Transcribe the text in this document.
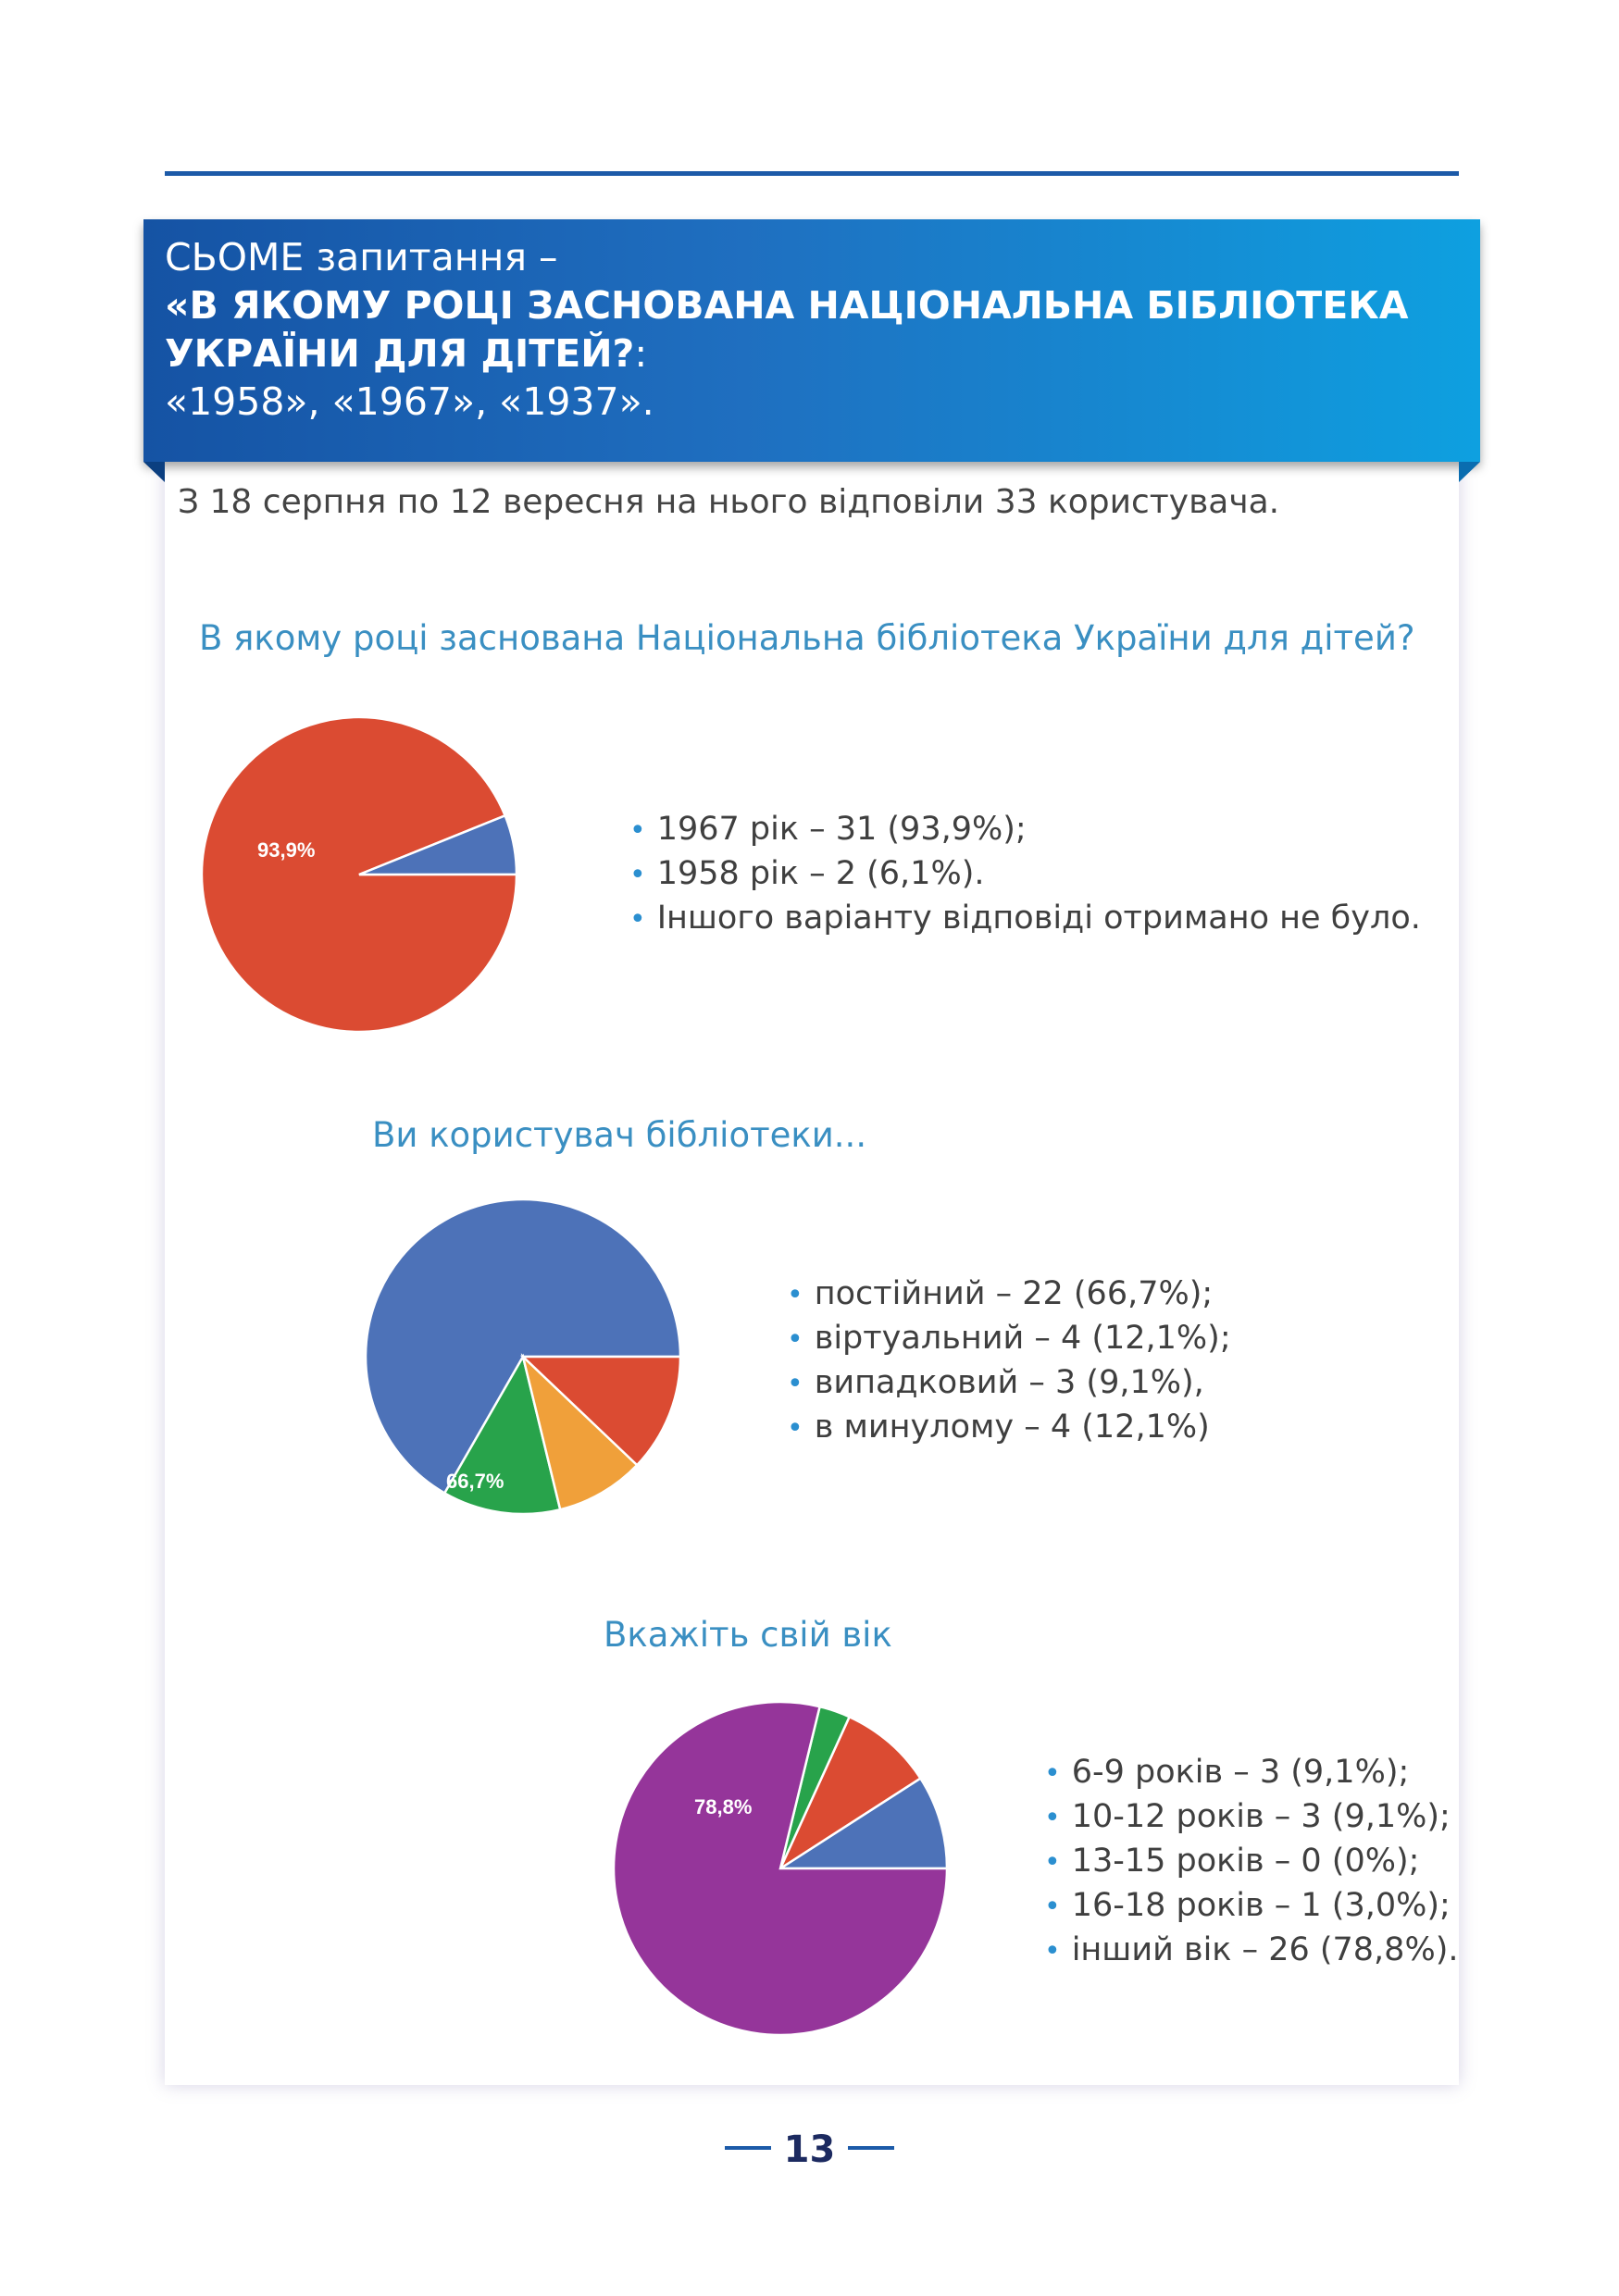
СЬОМЕ запитання –
«В ЯКОМУ РОЦІ ЗАСНОВАНА НАЦІОНАЛЬНА БІБЛІОТЕКА
УКРАЇНИ ДЛЯ ДІТЕЙ?:
«1958», «1967», «1937».
З 18 серпня по 12 вересня на нього відповіли 33 користувача.
В якому році заснована Національна бібліотека України для дітей?
93,9%
• 1967 рік – 31 (93,9%);
• 1958 рік – 2 (6,1%).
• Іншого варіанту відповіді отримано не було.
Ви користувач бібліотеки...
66,7%
• постійний – 22 (66,7%);
• віртуальний – 4 (12,1%);
• випадковий – 3 (9,1%),
• в минулому – 4 (12,1%)
Вкажіть свій вік
78,8%
• 6-9 років – 3 (9,1%);
• 10-12 років – 3 (9,1%);
• 13-15 років – 0 (0%);
• 16-18 років – 1 (3,0%);
• інший вік – 26 (78,8%).
13
